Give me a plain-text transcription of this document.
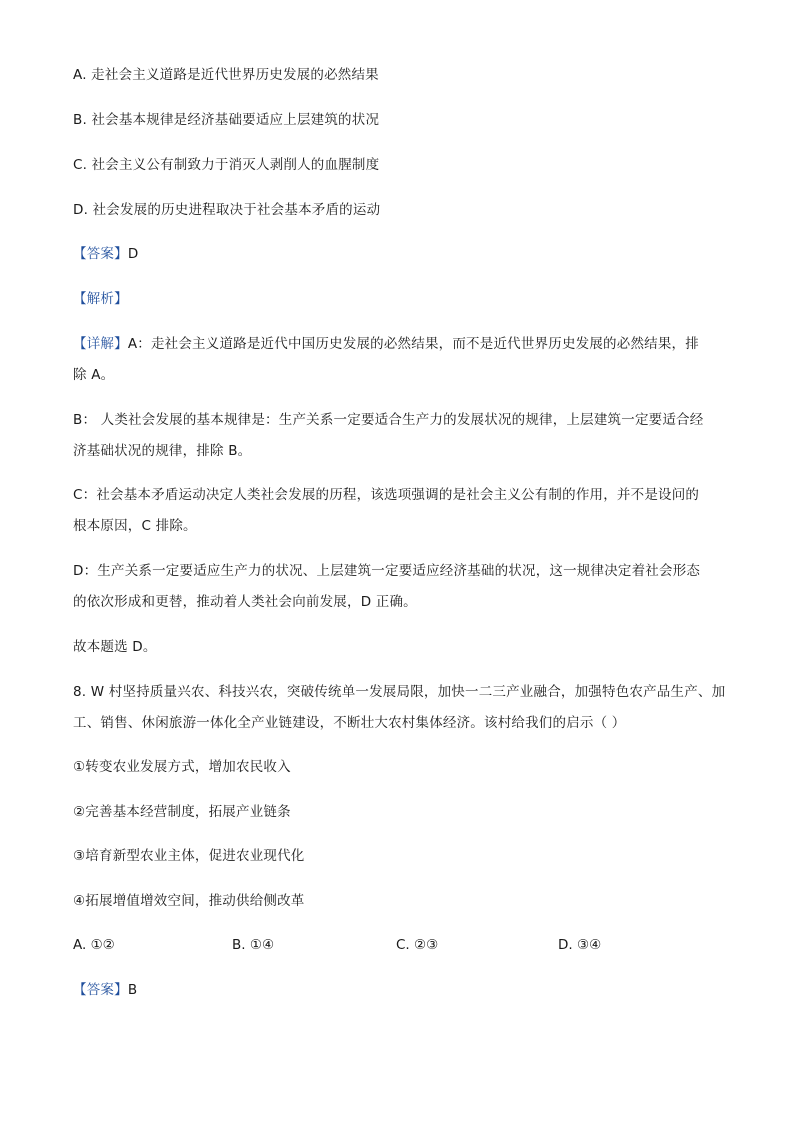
A. 走社会主义道路是近代世界历史发展的必然结果
B. 社会基本规律是经济基础要适应上层建筑的状况
C. 社会主义公有制致力于消灭人剥削人的血腥制度
D. 社会发展的历史进程取决于社会基本矛盾的运动
【答案】D
【解析】
【详解】A：走社会主义道路是近代中国历史发展的必然结果，而不是近代世界历史发展的必然结果，排
除 A。
B： 人类社会发展的基本规律是：生产关系一定要适合生产力的发展状况的规律，上层建筑一定要适合经
济基础状况的规律，排除 B。
C：社会基本矛盾运动决定人类社会发展的历程，该选项强调的是社会主义公有制的作用，并不是设问的
根本原因，C 排除。
D：生产关系一定要适应生产力的状况、上层建筑一定要适应经济基础的状况，这一规律决定着社会形态
的依次形成和更替，推动着人类社会向前发展，D 正确。
故本题选 D。
8. W 村坚持质量兴农、科技兴农，突破传统单一发展局限，加快一二三产业融合，加强特色农产品生产、加
工、销售、休闲旅游一体化全产业链建设，不断壮大农村集体经济。该村给我们的启示（ ）
①转变农业发展方式，增加农民收入
②完善基本经营制度，拓展产业链条
③培育新型农业主体，促进农业现代化
④拓展增值增效空间，推动供给侧改革
A. ①②	B. ①④	C. ②③	D. ③④
【答案】B
